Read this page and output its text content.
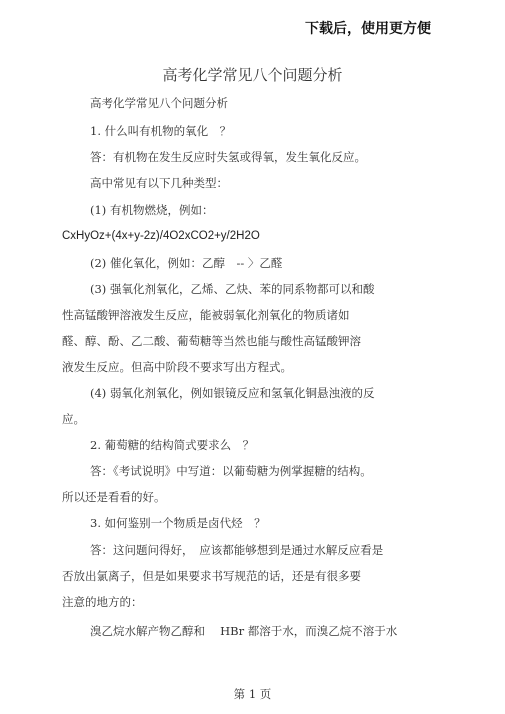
下载后，使用更方便
高考化学常见八个问题分析
高考化学常见八个问题分析
1. 什么叫有机物的氧化　？
答：有机物在发生反应时失氢或得氧，发生氧化反应。
高中常见有以下几种类型：
(1) 有机物燃烧，例如：
CxHyOz+(4x+y-2z)/4O2xCO2+y/2H2O
(2) 催化氧化，例如：乙醇　-- 〉乙醛
(3) 强氧化剂氧化，乙烯、乙炔、苯的同系物都可以和酸
性高锰酸钾溶液发生反应，能被弱氧化剂氧化的物质诸如
醛、醇、酚、乙二酸、葡萄糖等当然也能与酸性高锰酸钾溶
液发生反应。但高中阶段不要求写出方程式。
(4) 弱氧化剂氧化，例如银镜反应和氢氧化铜悬浊液的反
应。
2. 葡萄糖的结构简式要求么　？
答：《考试说明》中写道：以葡萄糖为例掌握糖的结构。
所以还是看看的好。
3. 如何鉴别一个物质是卤代烃　？
答：这问题问得好，　应该都能够想到是通过水解反应看是
否放出氯离子，但是如果要求书写规范的话，还是有很多要
注意的地方的：
溴乙烷水解产物乙醇和　 HBr 都溶于水，而溴乙烷不溶于水
第 1 页
